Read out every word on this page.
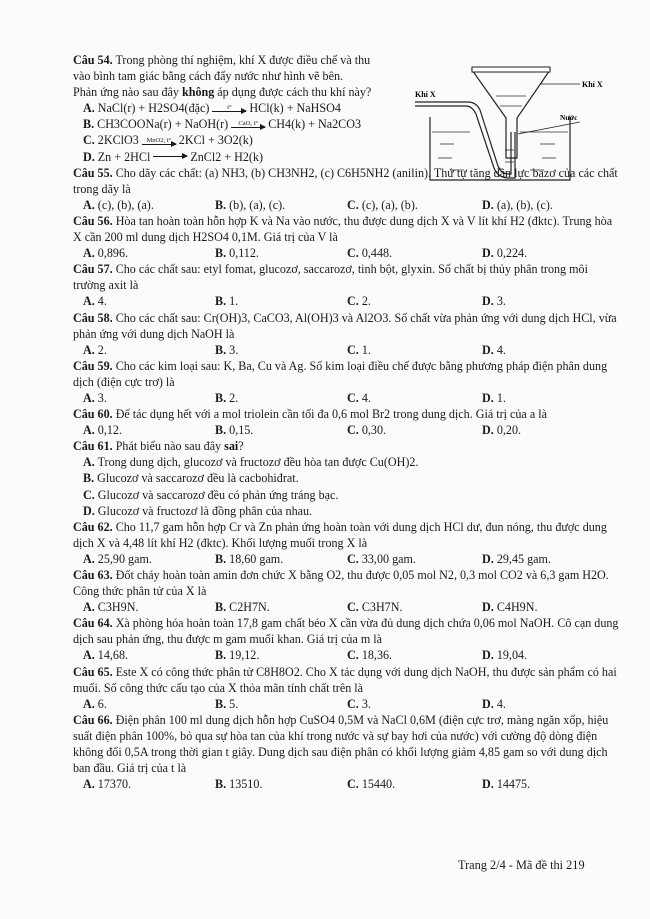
Câu 54. Trong phòng thí nghiệm, khí X được điều chế và thu
vào bình tam giác bằng cách đẩy nước như hình vẽ bên.
Phản ứng nào sau đây không áp dụng được cách thu khí này?
A.
NaCl(r) + H2SO4(đặc)	t° HCl(k) + NaHSO4
B.
CH3COONa(r) + NaOH(r) CaO, t° CH4(k) + Na2CO3
C.
2KClO3 MnO2, t° 2KCl + 3O2(k)
D.
Zn + 2HCl → ZnCl2 + H2(k)
Câu 55. Cho dãy các chất: (a) NH3, (b) CH3NH2, (c) C6H5NH2 (anilin). Thứ tự tăng dần lực bazơ của các chất trong dãy là
A. (c), (b), (a).	B. (b), (a), (c).	C. (c), (a), (b).	D. (a), (b), (c).
Câu 56. Hòa tan hoàn toàn hỗn hợp K và Na vào nước, thu được dung dịch X và V lít khí H2 (đktc). Trung hòa X cần 200 ml dung dịch H2SO4 0,1M. Giá trị của V là
A. 0,896.	B. 0,112.	C. 0,448.	D. 0,224.
Câu 57. Cho các chất sau: etyl fomat, glucozơ, saccarozơ, tinh bột, glyxin. Số chất bị thủy phân trong môi trường axit là
A. 4.	B. 1.	C. 2.	D. 3.
Câu 58. Cho các chất sau: Cr(OH)3, CaCO3, Al(OH)3 và Al2O3. Số chất vừa phản ứng với dung dịch HCl, vừa phản ứng với dung dịch NaOH là
A. 2.	B. 3.	C. 1.	D. 4.
Câu 59. Cho các kim loại sau: K, Ba, Cu và Ag. Số kim loại điều chế được bằng phương pháp điện phân dung dịch (điện cực trơ) là
A. 3.	B. 2.	C. 4.	D. 1.
Câu 60. Để tác dụng hết với a mol triolein cần tối đa 0,6 mol Br2 trong dung dịch. Giá trị của a là
A. 0,12.	B. 0,15.	C. 0,30.	D. 0,20.
Câu 61. Phát biểu nào sau đây sai?
A. Trong dung dịch, glucozơ và fructozơ đều hòa tan được Cu(OH)2.
B. Glucozơ và saccarozơ đều là cacbohiđrat.
C. Glucozơ và saccarozơ đều có phản ứng tráng bạc.
D. Glucozơ và fructozơ là đồng phân của nhau.
Câu 62. Cho 11,7 gam hỗn hợp Cr và Zn phản ứng hoàn toàn với dung dịch HCl dư, đun nóng, thu được dung dịch X và 4,48 lít khí H2 (đktc). Khối lượng muối trong X là
A. 25,90 gam.	B. 18,60 gam.	C. 33,00 gam.	D. 29,45 gam.
Câu 63. Đốt cháy hoàn toàn amin đơn chức X bằng O2, thu được 0,05 mol N2, 0,3 mol CO2 và 6,3 gam H2O. Công thức phân tử của X là
A. C3H9N.	B. C2H7N.	C. C3H7N.	D. C4H9N.
Câu 64. Xà phòng hóa hoàn toàn 17,8 gam chất béo X cần vừa đủ dung dịch chứa 0,06 mol NaOH. Cô cạn dung dịch sau phản ứng, thu được m gam muối khan. Giá trị của m là
A. 14,68.	B. 19,12.	C. 18,36.	D. 19,04.
Câu 65. Este X có công thức phân tử C8H8O2. Cho X tác dụng với dung dịch NaOH, thu được sản phẩm có hai muối. Số công thức cấu tạo của X thỏa mãn tính chất trên là
A. 6.	B. 5.	C. 3.	D. 4.
Câu 66. Điện phân 100 ml dung dịch hỗn hợp CuSO4 0,5M và NaCl 0,6M (điện cực trơ, màng ngăn xốp, hiệu suất điện phân 100%, bỏ qua sự hòa tan của khí trong nước và sự bay hơi của nước) với cường độ dòng điện không đổi 0,5A trong thời gian t giây. Dung dịch sau điện phân có khối lượng giảm 4,85 gam so với dung dịch ban đầu. Giá trị của t là
A. 17370.	B. 13510.	C. 15440.	D. 14475.
Khí X
Nước
Khí X
Trang 2/4 - Mã đề thi 219
